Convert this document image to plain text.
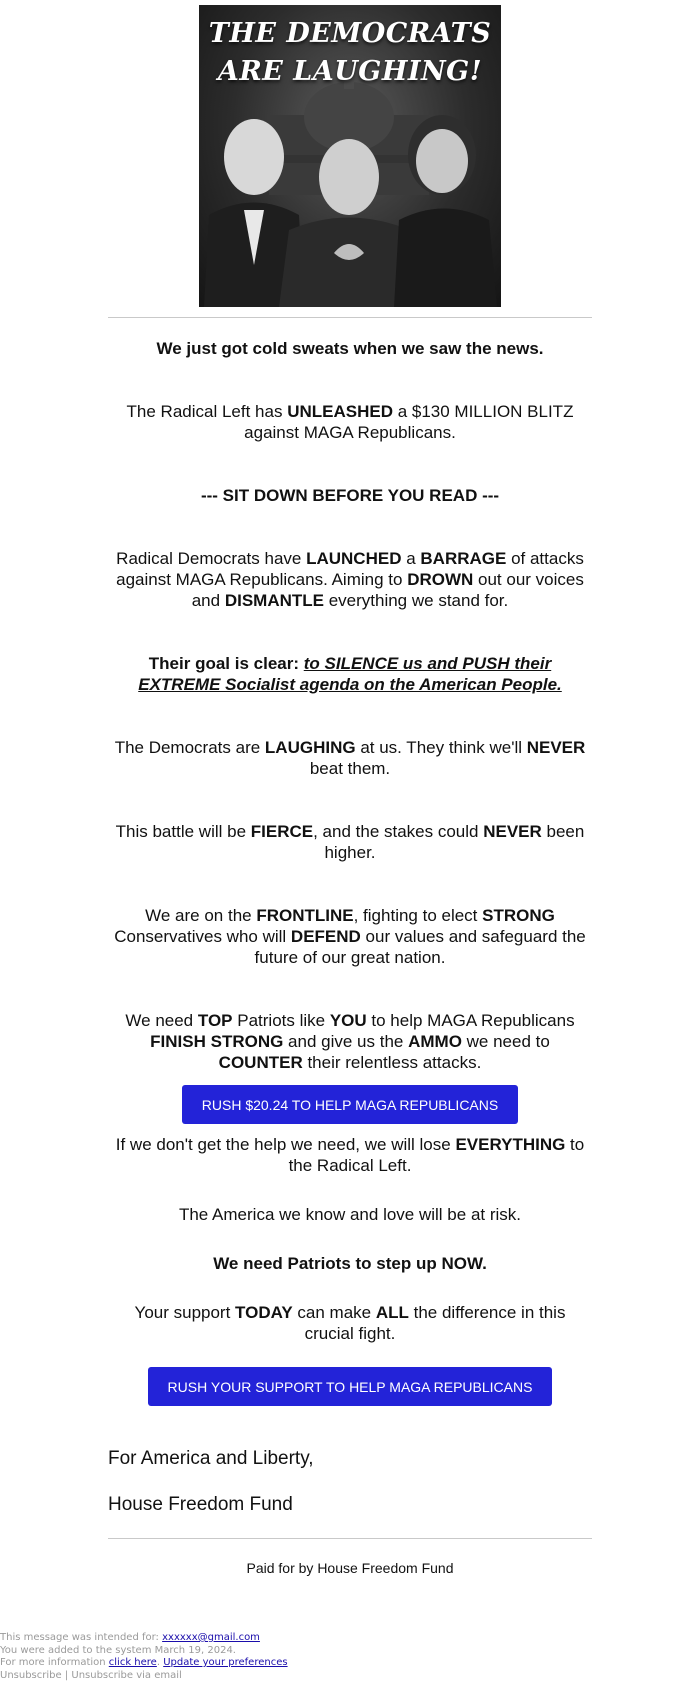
THE DEMOCRATS
ARE LAUGHING!
We just got cold sweats when we saw the news.
The Radical Left has UNLEASHED a $130 MILLION BLITZ against MAGA Republicans.
--- SIT DOWN BEFORE YOU READ ---
Radical Democrats have LAUNCHED a BARRAGE of attacks against MAGA Republicans. Aiming to DROWN out our voices and DISMANTLE everything we stand for.
Their goal is clear: to SILENCE us and PUSH their EXTREME Socialist agenda on the American People.
The Democrats are LAUGHING at us. They think we'll NEVER beat them.
This battle will be FIERCE, and the stakes could NEVER been higher.
We are on the FRONTLINE, fighting to elect STRONG Conservatives who will DEFEND our values and safeguard the future of our great nation.
We need TOP Patriots like YOU to help MAGA Republicans FINISH STRONG and give us the AMMO we need to COUNTER their relentless attacks.
RUSH $20.24 TO HELP MAGA REPUBLICANS
If we don't get the help we need, we will lose EVERYTHING to the Radical Left.
The America we know and love will be at risk.
We need Patriots to step up NOW.
Your support TODAY can make ALL the difference in this crucial fight.
RUSH YOUR SUPPORT TO HELP MAGA REPUBLICANS
For America and Liberty,
House Freedom Fund
Paid for by House Freedom Fund
This message was intended for: xxxxxx@gmail.com
You were added to the system March 19, 2024.
For more information click here. Update your preferences
Unsubscribe | Unsubscribe via email
